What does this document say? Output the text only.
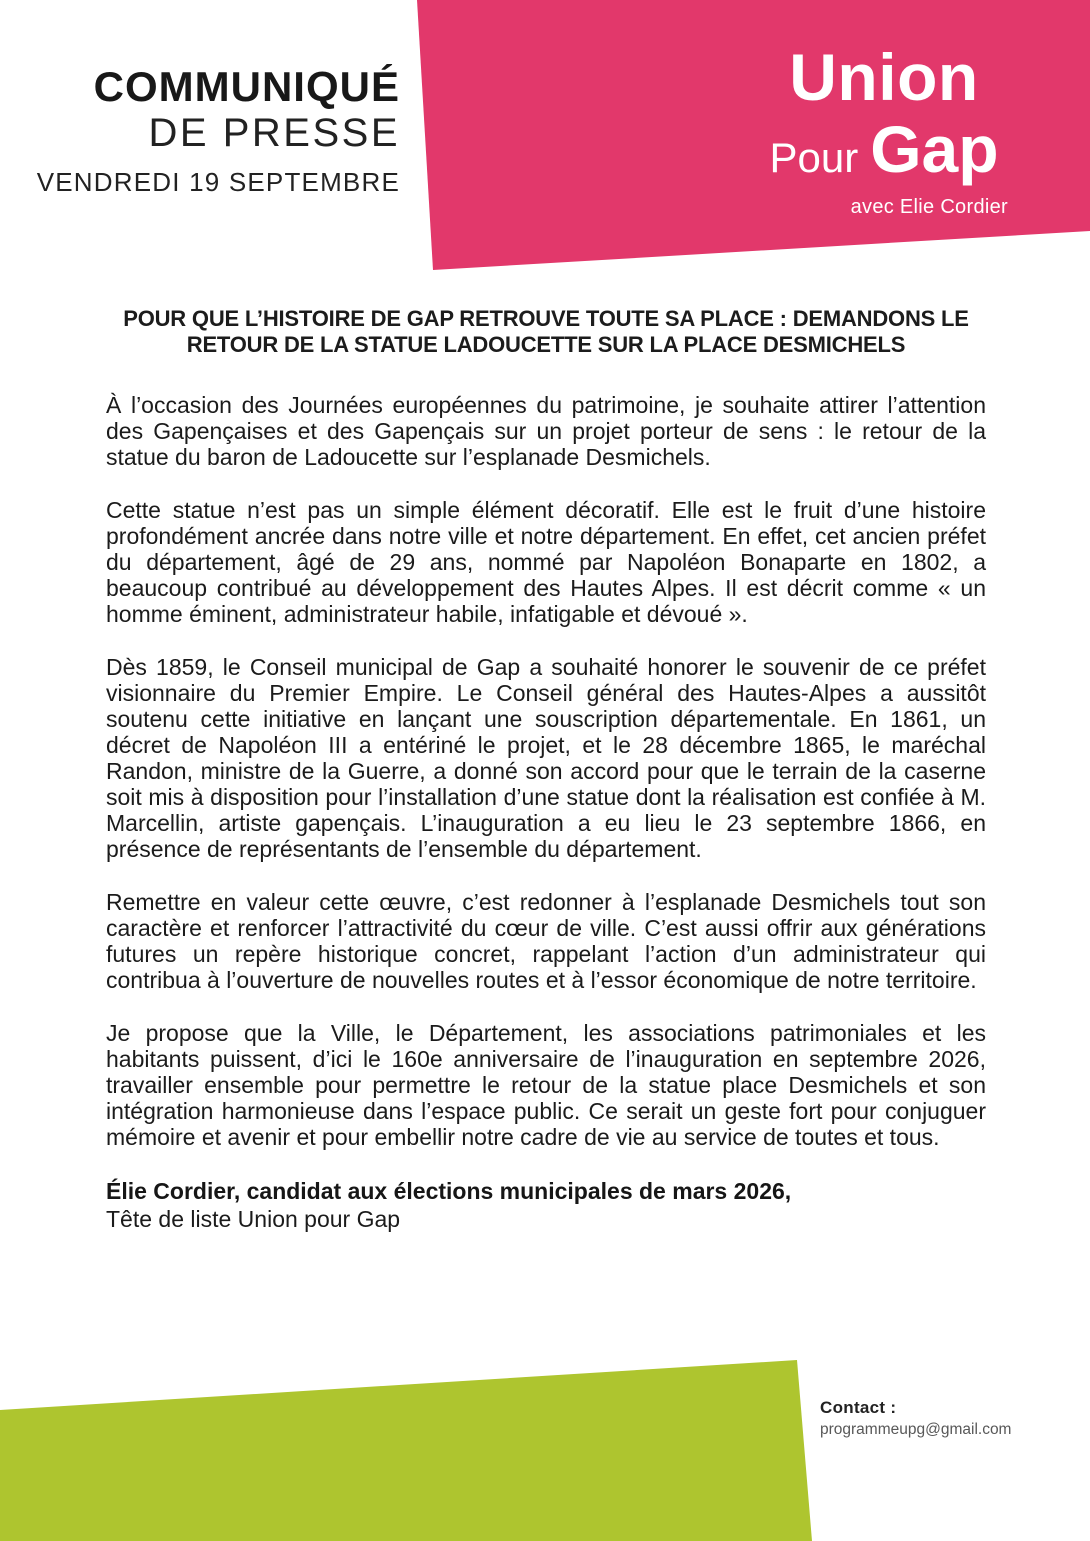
Union
Pour Gap
avec Elie Cordier
COMMUNIQUÉ
DE PRESSE
VENDREDI 19 SEPTEMBRE
POUR QUE L’HISTOIRE DE GAP RETROUVE TOUTE SA PLACE : DEMANDONS LE RETOUR DE LA STATUE LADOUCETTE SUR LA PLACE DESMICHELS

À l’occasion des Journées européennes du patrimoine, je souhaite attirer l’attention des Gapençaises et des Gapençais sur un projet porteur de sens : le retour de la statue du baron de Ladoucette sur l’esplanade Desmichels.

Cette statue n’est pas un simple élément décoratif. Elle est le fruit d’une histoire profondément ancrée dans notre ville et notre département. En effet, cet ancien préfet du département, âgé de 29 ans, nommé par Napoléon Bonaparte en 1802, a beaucoup contribué au développement des Hautes Alpes. Il est décrit comme « un homme éminent, administrateur habile, infatigable et dévoué ».

Dès 1859, le Conseil municipal de Gap a souhaité honorer le souvenir de ce préfet visionnaire du Premier Empire. Le Conseil général des Hautes-Alpes a aussitôt soutenu cette initiative en lançant une souscription départementale. En 1861, un décret de Napoléon III a entériné le projet, et le 28 décembre 1865, le maréchal Randon, ministre de la Guerre, a donné son accord pour que le terrain de la caserne soit mis à disposition pour l’installation d’une statue dont la réalisation est confiée à M. Marcellin, artiste gapençais. L’inauguration a eu lieu le 23 septembre 1866, en présence de représentants de l’ensemble du département.

Remettre en valeur cette œuvre, c’est redonner à l’esplanade Desmichels tout son caractère et renforcer l’attractivité du cœur de ville. C’est aussi offrir aux générations futures un repère historique concret, rappelant l’action d’un administrateur qui contribua à l’ouverture de nouvelles routes et à l’essor économique de notre territoire.

Je propose que la Ville, le Département, les associations patrimoniales et les habitants puissent, d’ici le 160e anniversaire de l’inauguration en septembre 2026, travailler ensemble pour permettre le retour de la statue place Desmichels et son intégration harmonieuse dans l’espace public. Ce serait un geste fort pour conjuguer mémoire et avenir et pour embellir notre cadre de vie au service de toutes et tous.

Élie Cordier, candidat aux élections municipales de mars 2026,
Tête de liste Union pour Gap
Contact :
programmeupg@gmail.com
